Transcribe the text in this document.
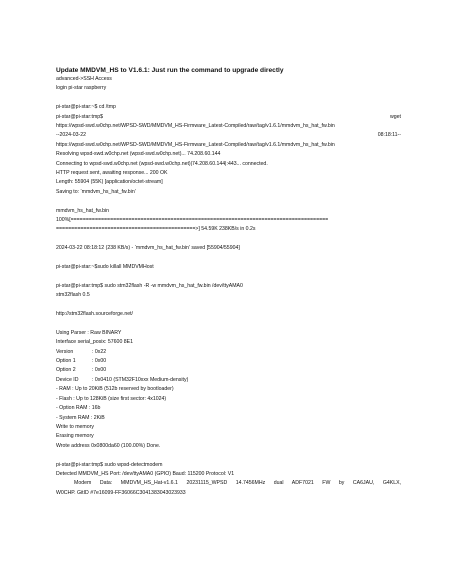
Update MMDVM_HS to V1.6.1: Just run the command to upgrade directly

advanced->SSH Access
login pi-star raspberry
pi-star@pi-star:~$ cd /tmp
pi-star@pi-star:tmp$	wget
https://wpsd-swd.w0chp.net/WPSD-SWD/MMDVM_HS-Firmware_Latest-Compiled/raw/tag/v1.6.1/mmdvm_hs_hat_fw.bin
--2024-03-22	08:18:11--
https://wpsd-swd.w0chp.net/WPSD-SWD/MMDVM_HS-Firmware_Latest-Compiled/raw/tag/v1.6.1/mmdvm_hs_hat_fw.bin
Resolving wpsd-swd.w0chp.net (wpsd-swd.w0chp.net)... 74.208.60.144
Connecting to wpsd-swd.w0chp.net (wpsd-swd.w0chp.net)|74.208.60.144|:443... connected.
HTTP request sent, awaiting response... 200 OK
Length: 55904 (55K) [application/octet-stream]
Saving to: ‘mmdvm_hs_hat_fw.bin’
mmdvm_hs_hat_fw.bin
100%[=====================================================================================
==============================================>] 54.59K 238KB/s in 0.2s
2024-03-22 08:18:12 (238 KB/s) - ‘mmdvm_hs_hat_fw.bin’ saved [55904/55904]
pi-star@pi-star:~$sudo killall MMDVMHost
pi-star@pi-star:tmp$ sudo stm32flash -R -w mmdvm_hs_hat_fw.bin /dev/ttyAMA0
stm32flash 0.5
http://stm32flash.sourceforge.net/
Using Parser : Raw BINARY
Interface serial_posix: 57600 8E1
Version	: 0x22
Option 1	: 0x00
Option 2	: 0x00
Device ID	: 0x0410 (STM32F10xxx Medium-density)
- RAM : Up to 20KiB (512b reserved by bootloader)
- Flash : Up to 128KiB (size first sector: 4x1024)
- Option RAM : 16b
- System RAM : 2KiB
Write to memory
Erasing memory
Wrote address 0x0800da60 (100.00%) Done.
pi-star@pi-star:tmp$ sudo wpsd-detectmodem
Detected MMDVM_HS Port: /dev/ttyAMA0 (GPIO) Baud: 115200 Protocol: V1
Modem Data: MMDVM_HS_Hat-v1.6.1 20231115_WPSD 14.7456MHz dual ADF7021 FW by CA6JAU, G4KLX,
W0CHP. GitID #7e16099-FF36066C3041383043023933
